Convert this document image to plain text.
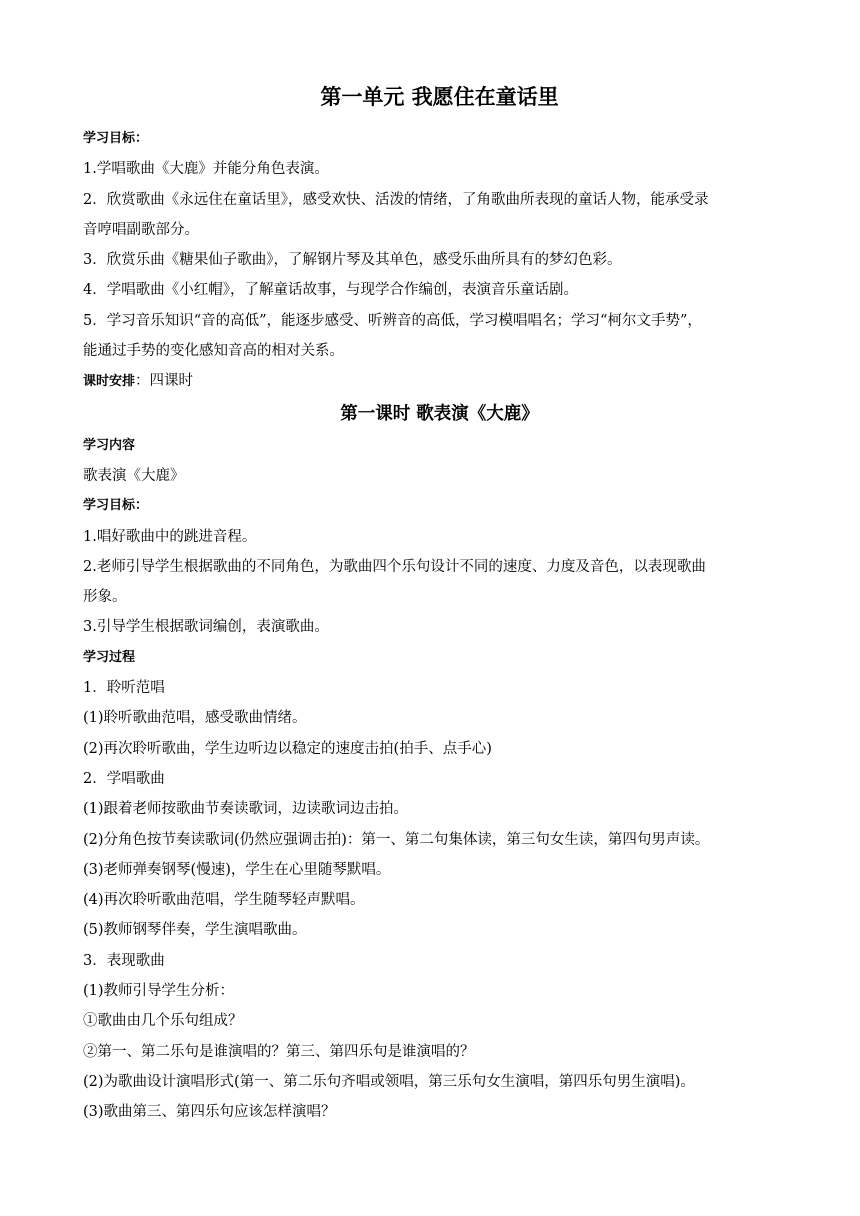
第一单元 我愿住在童话里
学习目标：
1.学唱歌曲《大鹿》并能分角色表演。
2．欣赏歌曲《永远住在童话里》，感受欢快、活泼的情绪，了角歌曲所表现的童话人物，能承受录
音哼唱副歌部分。
3．欣赏乐曲《糖果仙子歌曲》，了解钢片琴及其单色，感受乐曲所具有的梦幻色彩。
4．学唱歌曲《小红帽》，了解童话故事，与现学合作编创，表演音乐童话剧。
5．学习音乐知识“音的高低”，能逐步感受、听辨音的高低，学习模唱唱名；学习“柯尔文手势”，
能通过手势的变化感知音高的相对关系。
课时安排：四课时
第一课时 歌表演《大鹿》
学习内容
歌表演《大鹿》
学习目标：
1.唱好歌曲中的跳进音程。
2.老师引导学生根据歌曲的不同角色，为歌曲四个乐句设计不同的速度、力度及音色，以表现歌曲
形象。
3.引导学生根据歌词编创，表演歌曲。
学习过程
1．聆听范唱
(1)聆听歌曲范唱，感受歌曲情绪。
(2)再次聆听歌曲，学生边听边以稳定的速度击拍(拍手、点手心)
2．学唱歌曲
(1)跟着老师按歌曲节奏读歌词，边读歌词边击拍。
(2)分角色按节奏读歌词(仍然应强调击拍)：第一、第二句集体读，第三句女生读，第四句男声读。
(3)老师弹奏钢琴(慢速)，学生在心里随琴默唱。
(4)再次聆听歌曲范唱，学生随琴轻声默唱。
(5)教师钢琴伴奏，学生演唱歌曲。
3．表现歌曲
(1)教师引导学生分析：
①歌曲由几个乐句组成？
②第一、第二乐句是谁演唱的？第三、第四乐句是谁演唱的？
(2)为歌曲设计演唱形式(第一、第二乐句齐唱或领唱，第三乐句女生演唱，第四乐句男生演唱)。
(3)歌曲第三、第四乐句应该怎样演唱？
